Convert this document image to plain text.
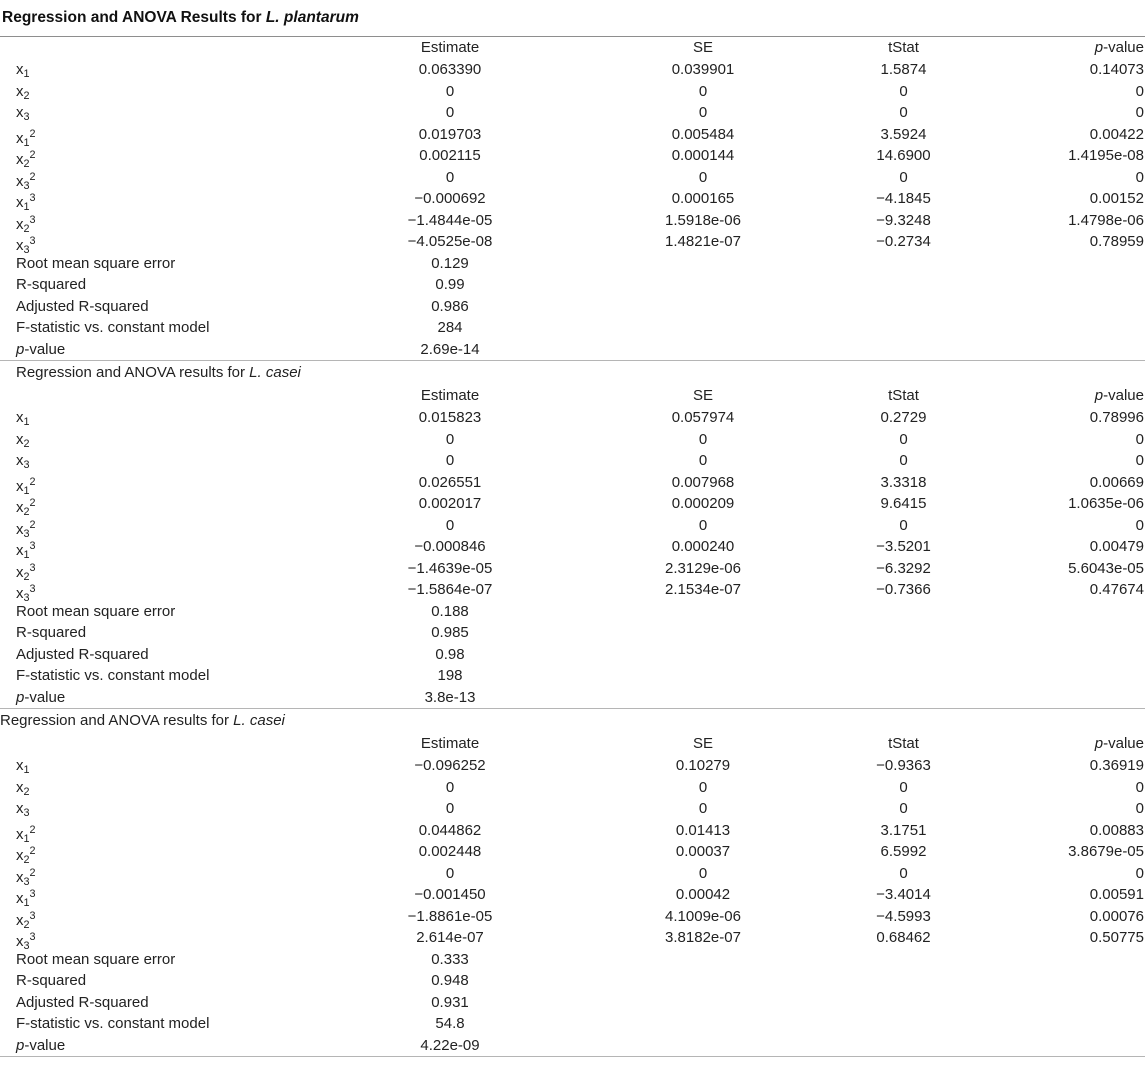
Regression and ANOVA Results for L. plantarum
Estimate	SE	tStat	p-value
$x_1$	0.063390	0.039901	1.5874	0.14073
$x_2$	0	0	0	0
$x_3$	0	0	0	0
$x_1^2$	0.019703	0.005484	3.5924	0.00422
$x_2^2$	0.002115	0.000144	14.6900	1.4195e-08
$x_3^2$	0	0	0	0
$x_1^3$	−0.000692	0.000165	−4.1845	0.00152
$x_2^3$	−1.4844e-05	1.5918e-06	−9.3248	1.4798e-06
$x_3^3$	−4.0525e-08	1.4821e-07	−0.2734	0.78959
Root mean square error	0.129
R-squared	0.99
Adjusted R-squared	0.986
F-statistic vs. constant model	284
p-value	2.69e-14
Regression and ANOVA results for L. casei
Estimate	SE	tStat	p-value
$x_1$	0.015823	0.057974	0.2729	0.78996
$x_2$	0	0	0	0
$x_3$	0	0	0	0
$x_1^2$	0.026551	0.007968	3.3318	0.00669
$x_2^2$	0.002017	0.000209	9.6415	1.0635e-06
$x_3^2$	0	0	0	0
$x_1^3$	−0.000846	0.000240	−3.5201	0.00479
$x_2^3$	−1.4639e-05	2.3129e-06	−6.3292	5.6043e-05
$x_3^3$	−1.5864e-07	2.1534e-07	−0.7366	0.47674
Root mean square error	0.188
R-squared	0.985
Adjusted R-squared	0.98
F-statistic vs. constant model	198
p-value	3.8e-13
Regression and ANOVA results for L. casei
Estimate	SE	tStat	p-value
$x_1$	−0.096252	0.10279	−0.9363	0.36919
$x_2$	0	0	0	0
$x_3$	0	0	0	0
$x_1^2$	0.044862	0.01413	3.1751	0.00883
$x_2^2$	0.002448	0.00037	6.5992	3.8679e-05
$x_3^2$	0	0	0	0
$x_1^3$	−0.001450	0.00042	−3.4014	0.00591
$x_2^3$	−1.8861e-05	4.1009e-06	−4.5993	0.00076
$x_3^3$	2.614e-07	3.8182e-07	0.68462	0.50775
Root mean square error	0.333
R-squared	0.948
Adjusted R-squared	0.931
F-statistic vs. constant model	54.8
p-value	4.22e-09
